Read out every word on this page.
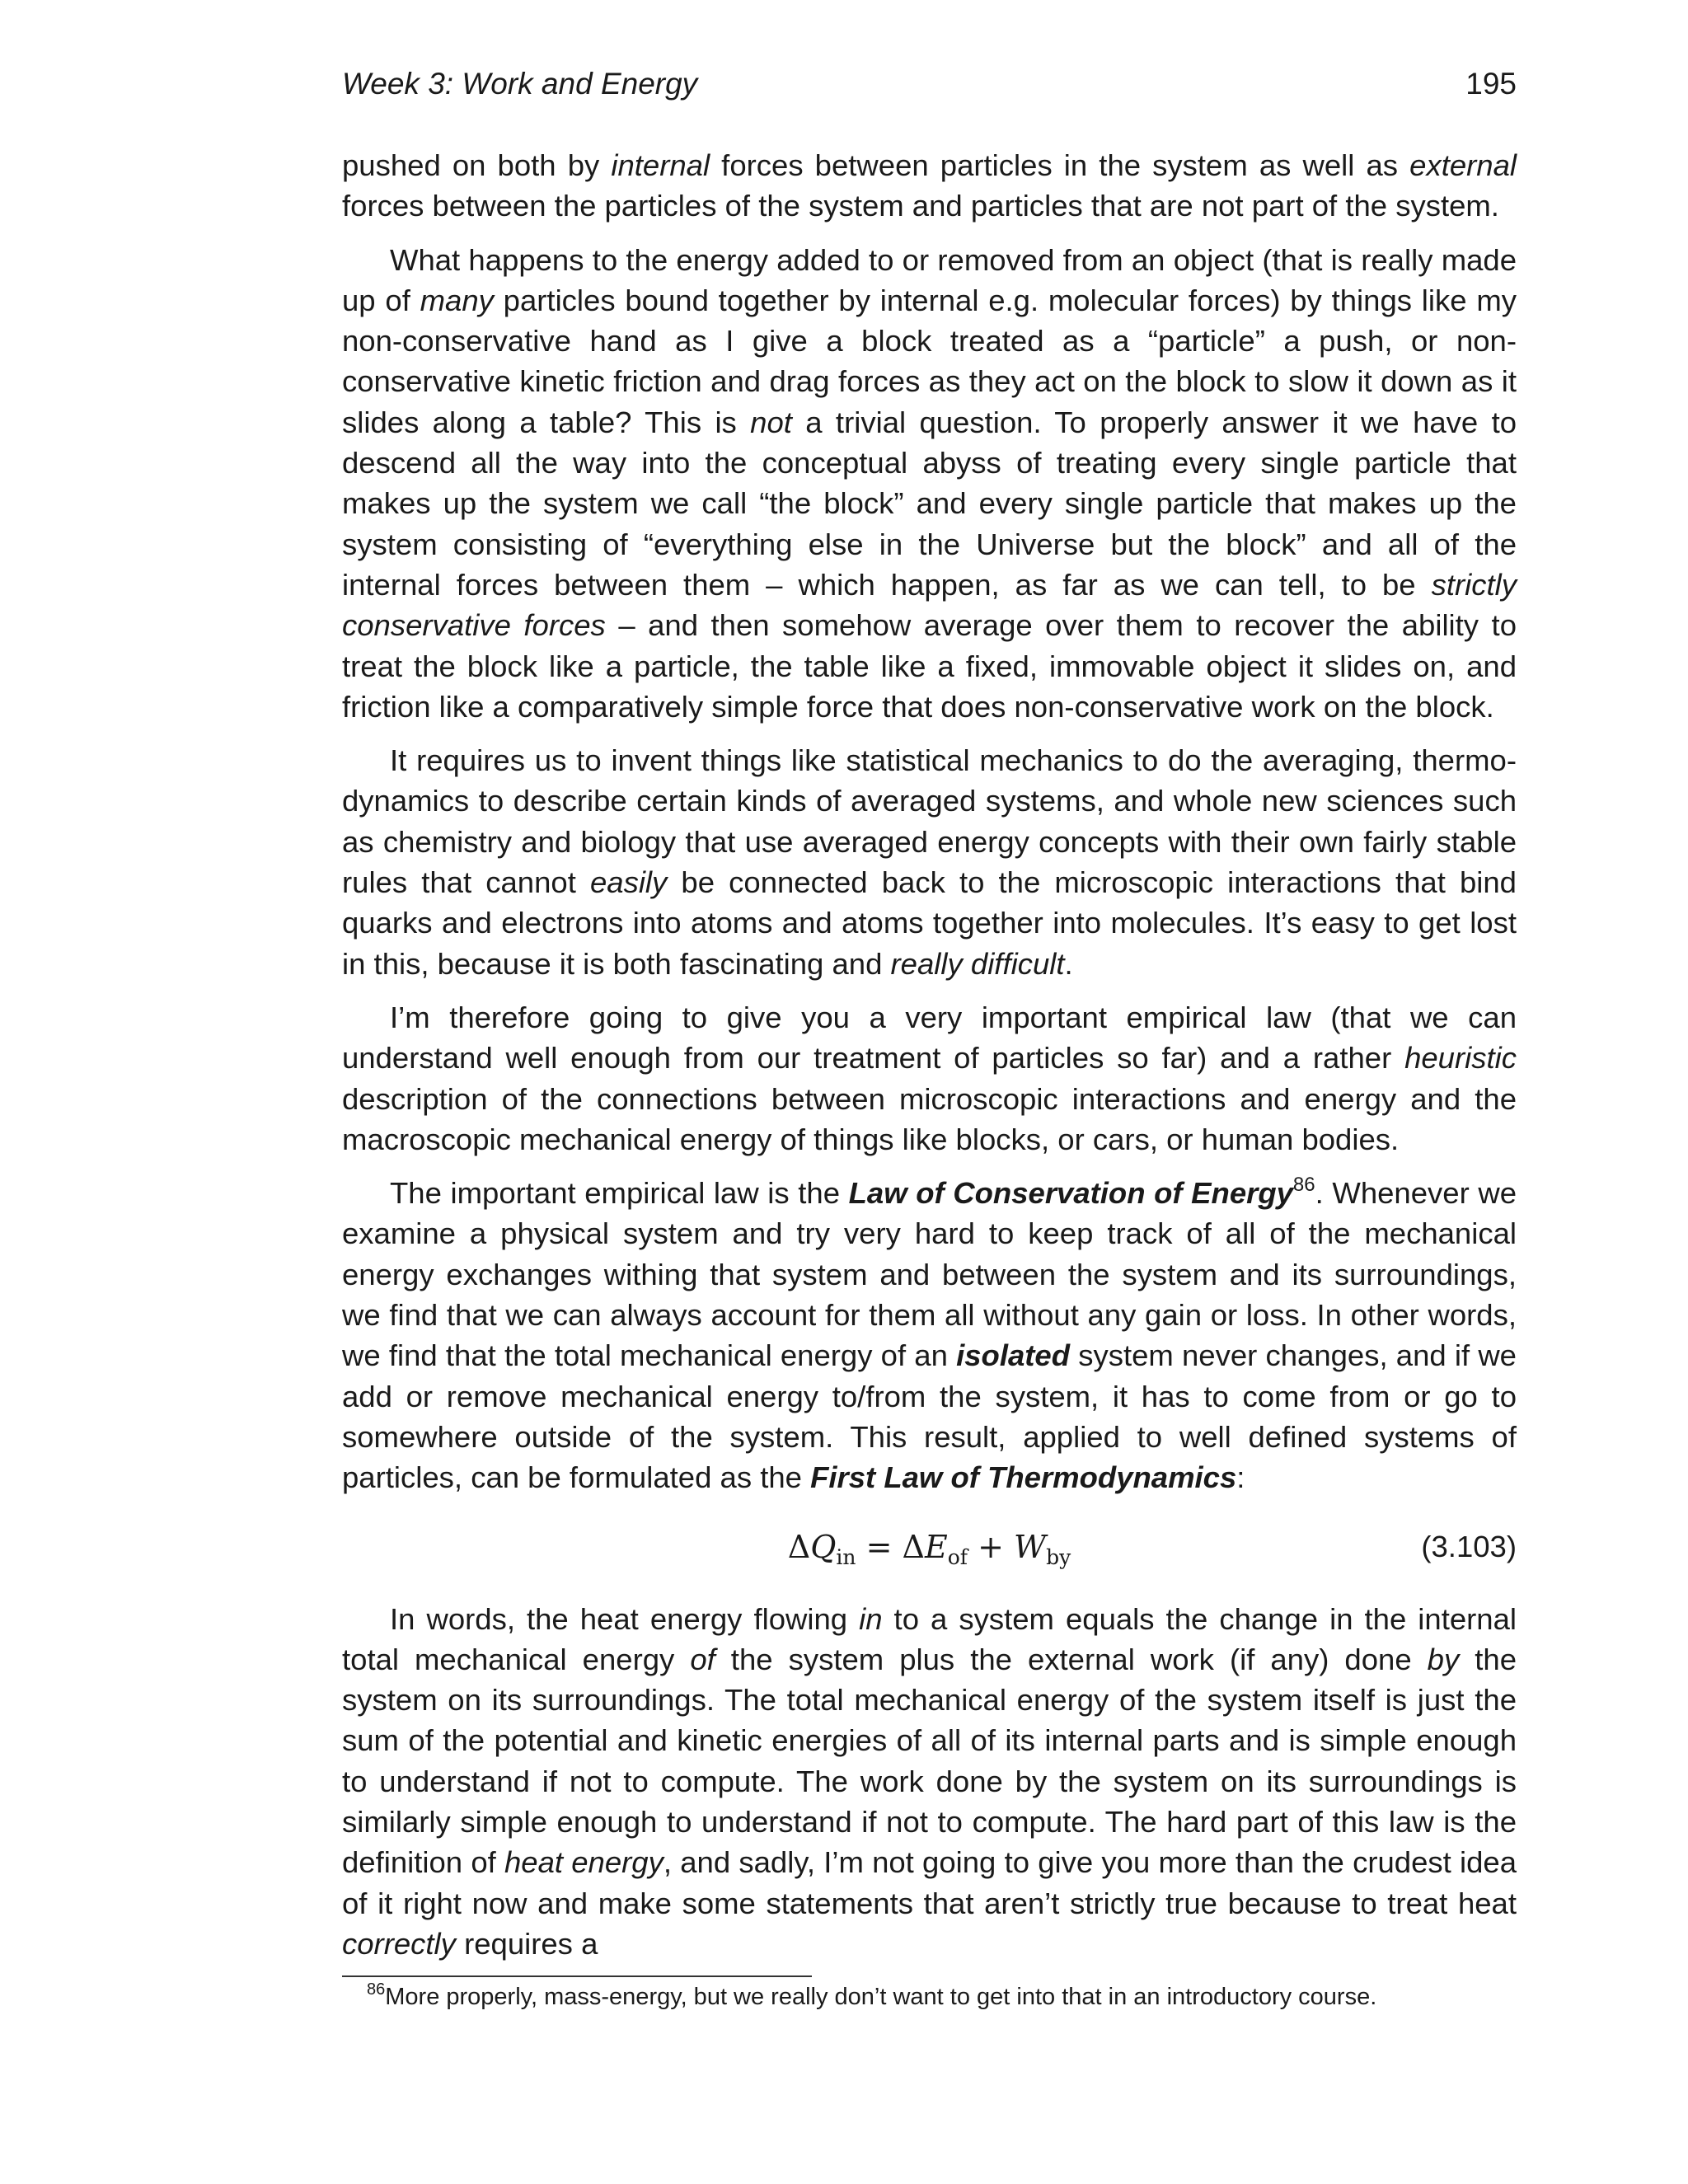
Week 3: Work and Energy	195

pushed on both by internal forces between particles in the system as well as external forces between the particles of the system and particles that are not part of the system.

What happens to the energy added to or removed from an object (that is really made up of many particles bound together by internal e.g. molecular forces) by things like my non-conservative hand as I give a block treated as a “particle” a push, or non-conservative kinetic friction and drag forces as they act on the block to slow it down as it slides along a table? This is not a trivial question. To properly answer it we have to descend all the way into the conceptual abyss of treating every single particle that makes up the system we call “the block” and every single particle that makes up the system consisting of “everything else in the Universe but the block” and all of the internal forces between them – which happen, as far as we can tell, to be strictly conservative forces – and then somehow average over them to recover the ability to treat the block like a particle, the table like a fixed, immovable object it slides on, and friction like a comparatively simple force that does non-conservative work on the block.

It requires us to invent things like statistical mechanics to do the averaging, thermodynamics to describe certain kinds of averaged systems, and whole new sciences such as chemistry and biology that use averaged energy concepts with their own fairly stable rules that cannot easily be connected back to the microscopic interactions that bind quarks and electrons into atoms and atoms together into molecules. It’s easy to get lost in this, because it is both fascinating and really difficult.

I’m therefore going to give you a very important empirical law (that we can understand well enough from our treatment of particles so far) and a rather heuristic description of the connections between microscopic interactions and energy and the macroscopic mechanical energy of things like blocks, or cars, or human bodies.

The important empirical law is the Law of Conservation of Energy$^{86}$. Whenever we examine a physical system and try very hard to keep track of all of the mechanical energy exchanges withing that system and between the system and its surroundings, we find that we can always account for them all without any gain or loss. In other words, we find that the total mechanical energy of an isolated system never changes, and if we add or remove mechanical energy to/from the system, it has to come from or go to somewhere outside of the system. This result, applied to well defined systems of particles, can be formulated as the First Law of Thermodynamics:

$\Delta Q_{in} = \Delta E_{of} + W_{by}$	(3.103)

In words, the heat energy flowing in to a system equals the change in the internal total mechanical energy of the system plus the external work (if any) done by the system on its surroundings. The total mechanical energy of the system itself is just the sum of the potential and kinetic energies of all of its internal parts and is simple enough to understand if not to compute. The work done by the system on its surroundings is similarly simple enough to understand if not to compute. The hard part of this law is the definition of heat energy, and sadly, I’m not going to give you more than the crudest idea of it right now and make some statements that aren’t strictly true because to treat heat correctly requires a

$^{86}$More properly, mass-energy, but we really don’t want to get into that in an introductory course.
